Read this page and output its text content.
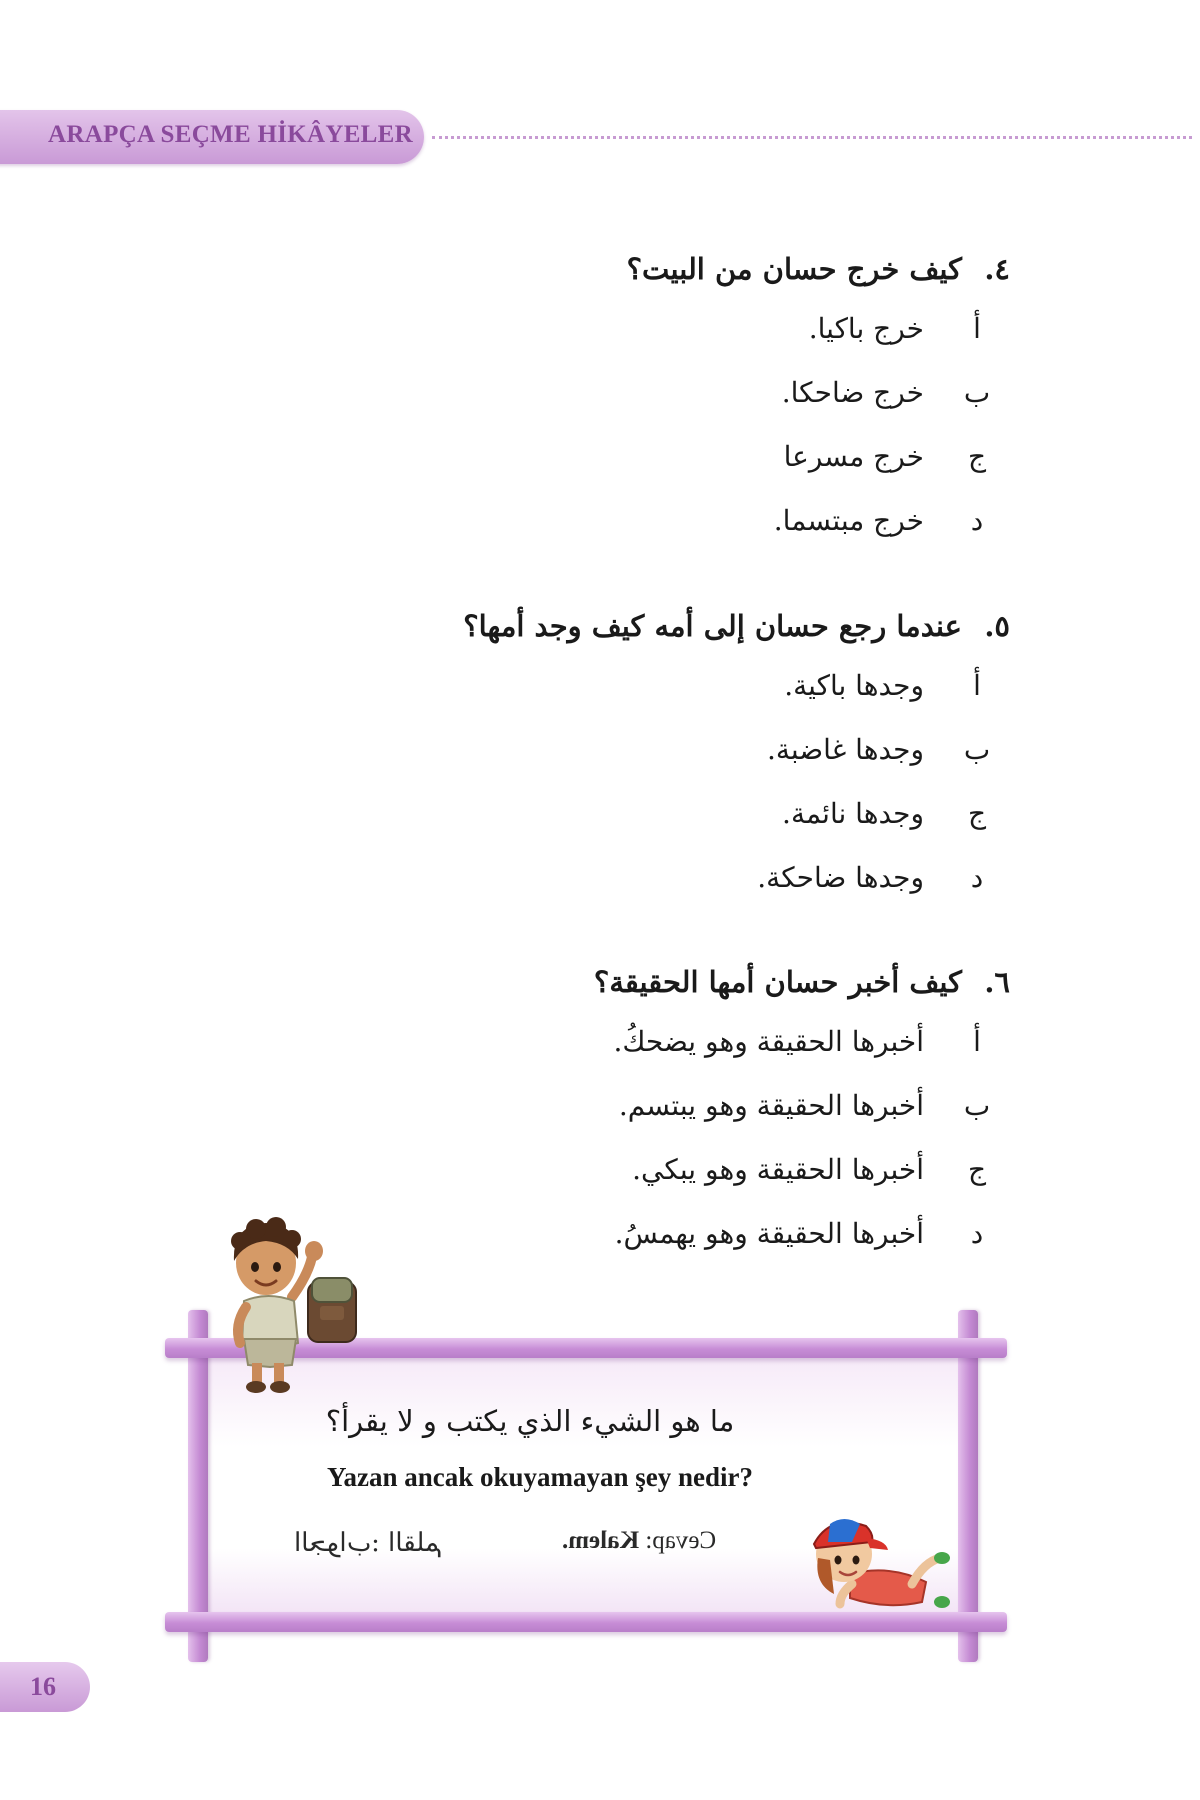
ARAPÇA SEÇME HİKÂYELER
٤.
كيف خرج حسان من البيت؟
أ
خرج باكيا.
ب
خرج ضاحكا.
ج
خرج مسرعا
د
خرج مبتسما.
٥.
عندما رجع حسان إلى أمه كيف وجد أمها؟
أ
وجدها باكية.
ب
وجدها غاضبة.
ج
وجدها نائمة.
د
وجدها ضاحكة.
٦.
كيف أخبر حسان أمها الحقيقة؟
أ
أخبرها الحقيقة وهو يضحكُ.
ب
أخبرها الحقيقة وهو يبتسم.
ج
أخبرها الحقيقة وهو يبكي.
د
أخبرها الحقيقة وهو يهمسُ.
ما هو الشيء الذي يكتب و لا يقرأ؟
Yazan ancak okuyamayan şey nedir?
الجواب: القلم	Cevap: Kalem.
16
